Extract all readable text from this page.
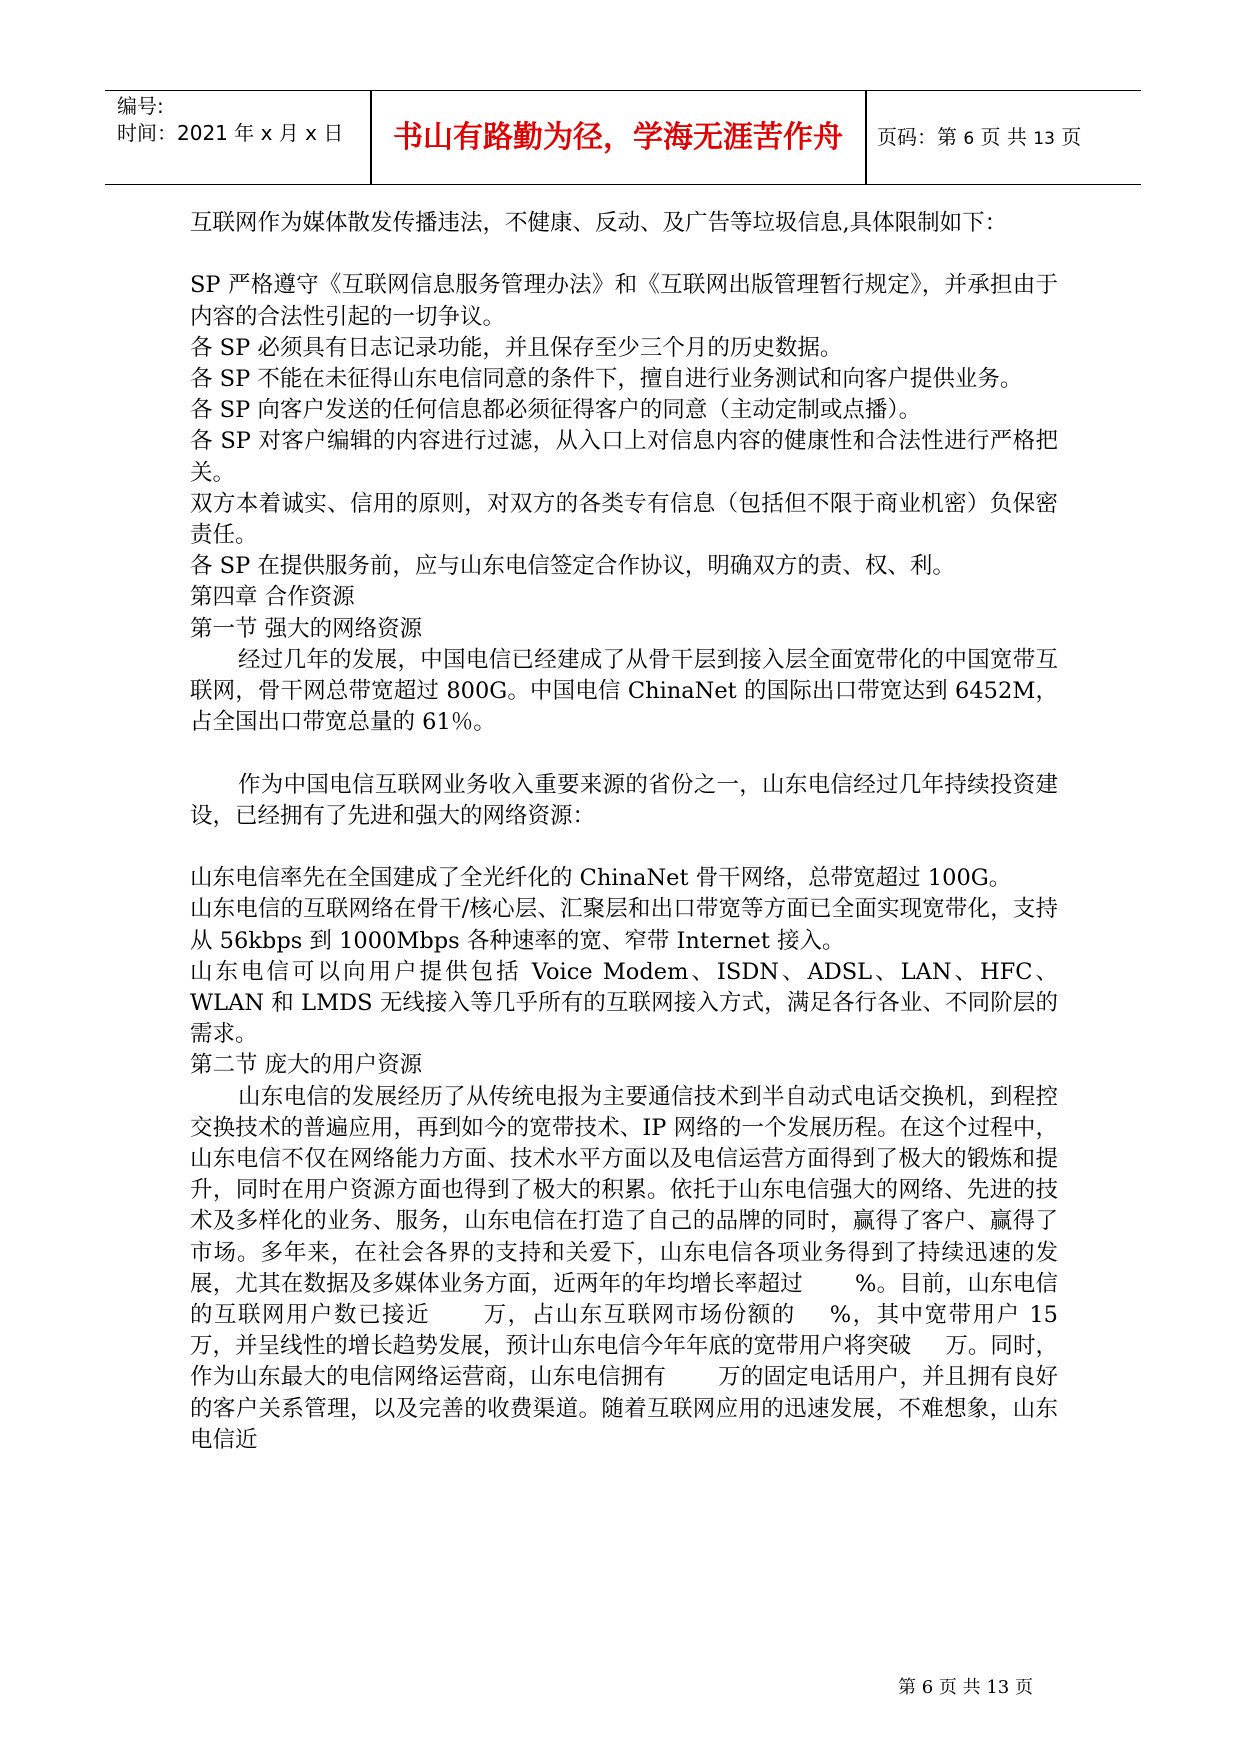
编号:
时间：2021 年 x 月 x 日	书山有路勤为径，学海无涯苦作舟	页码：第 6 页 共 13 页

互联网作为媒体散发传播违法，不健康、反动、及广告等垃圾信息,具体限制如下：

SP 严格遵守《互联网信息服务管理办法》和《互联网出版管理暂行规定》，并承担由于内容的合法性引起的一切争议。

各 SP 必须具有日志记录功能，并且保存至少三个月的历史数据。

各 SP 不能在未征得山东电信同意的条件下，擅自进行业务测试和向客户提供业务。

各 SP 向客户发送的任何信息都必须征得客户的同意（主动定制或点播）。

各 SP 对客户编辑的内容进行过滤，从入口上对信息内容的健康性和合法性进行严格把关。

双方本着诚实、信用的原则，对双方的各类专有信息（包括但不限于商业机密）负保密责任。

各 SP 在提供服务前，应与山东电信签定合作协议，明确双方的责、权、利。

第四章 合作资源

第一节 强大的网络资源

经过几年的发展，中国电信已经建成了从骨干层到接入层全面宽带化的中国宽带互联网，骨干网总带宽超过 800G。中国电信 ChinaNet 的国际出口带宽达到 6452M，占全国出口带宽总量的 61％。

作为中国电信互联网业务收入重要来源的省份之一，山东电信经过几年持续投资建设，已经拥有了先进和强大的网络资源：

山东电信率先在全国建成了全光纤化的 ChinaNet 骨干网络，总带宽超过 100G。

山东电信的互联网络在骨干/核心层、汇聚层和出口带宽等方面已全面实现宽带化，支持从 56kbps 到 1000Mbps 各种速率的宽、窄带 Internet 接入。

山东电信可以向用户提供包括 Voice Modem、ISDN、ADSL、LAN、HFC、WLAN 和 LMDS 无线接入等几乎所有的互联网接入方式，满足各行各业、不同阶层的需求。

第二节 庞大的用户资源

山东电信的发展经历了从传统电报为主要通信技术到半自动式电话交换机，到程控交换技术的普遍应用，再到如今的宽带技术、IP 网络的一个发展历程。在这个过程中，山东电信不仅在网络能力方面、技术水平方面以及电信运营方面得到了极大的锻炼和提升，同时在用户资源方面也得到了极大的积累。依托于山东电信强大的网络、先进的技术及多样化的业务、服务，山东电信在打造了自己的品牌的同时，赢得了客户、赢得了市场。多年来，在社会各界的支持和关爱下，山东电信各项业务得到了持续迅速的发展，尤其在数据及多媒体业务方面，近两年的年均增长率超过 %。目前，山东电信的互联网用户数已接近 万，占山东互联网市场份额的 %，其中宽带用户 15 万，并呈线性的增长趋势发展，预计山东电信今年年底的宽带用户将突破 万。同时，作为山东最大的电信网络运营商，山东电信拥有 万的固定电话用户，并且拥有良好的客户关系管理，以及完善的收费渠道。随着互联网应用的迅速发展，不难想象，山东电信近

第 6 页 共 13 页
